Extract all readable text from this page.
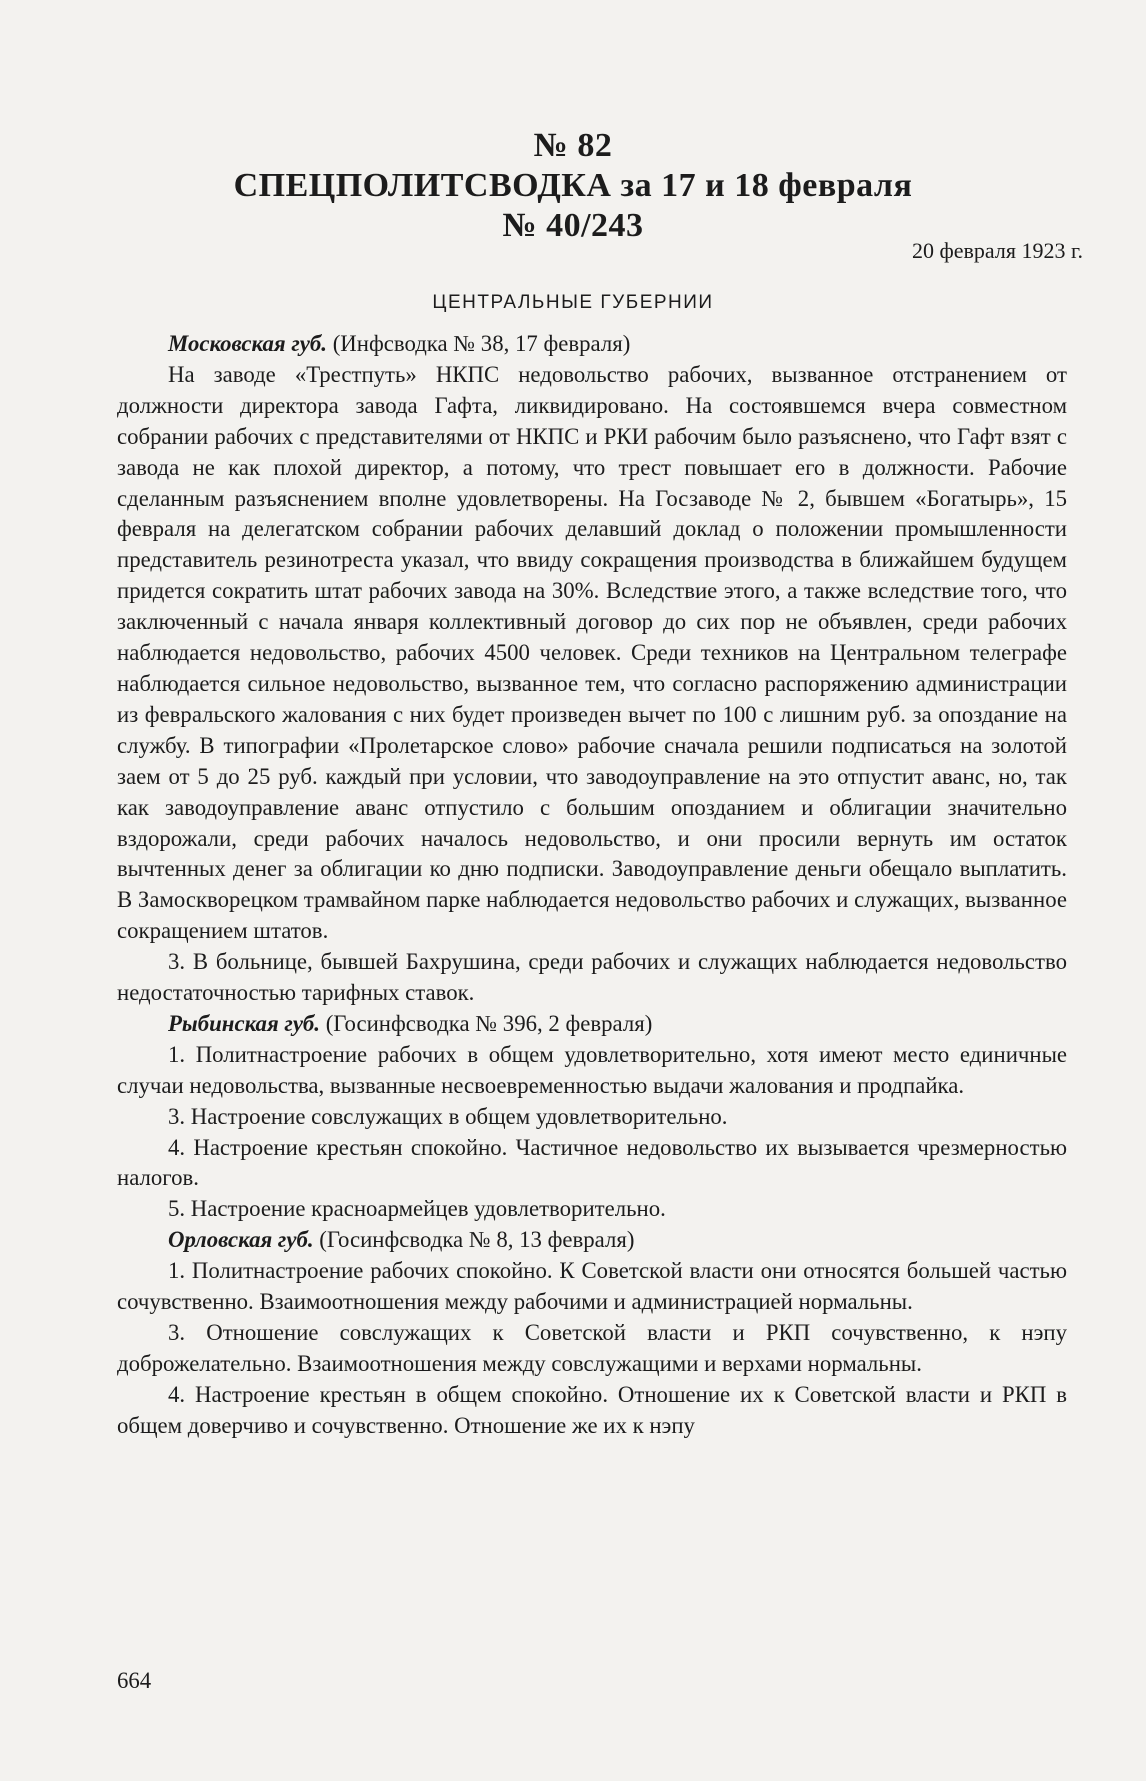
№ 82
СПЕЦПОЛИТСВОДКА за 17 и 18 февраля
№ 40/243
20 февраля 1923 г.
ЦЕНТРАЛЬНЫЕ ГУБЕРНИИ

Московская губ. (Инфсводка № 38, 17 февраля)

На заводе «Трестпуть» НКПС недовольство рабочих, вызванное отстранением от должности директора завода Гафта, ликвидировано. На состоявшемся вчера совместном собрании рабочих с представителями от НКПС и РКИ рабочим было разъяснено, что Гафт взят с завода не как плохой директор, а потому, что трест повышает его в должности. Рабочие сделанным разъяснением вполне удовлетворены. На Госзаводе № 2, бывшем «Богатырь», 15 февраля на делегатском собрании рабочих делавший доклад о положении промышленности представитель резинотреста указал, что ввиду сокращения производства в ближайшем будущем придется сократить штат рабочих завода на 30%. Вследствие этого, а также вследствие того, что заключенный с начала января коллективный договор до сих пор не объявлен, среди рабочих наблюдается недовольство, рабочих 4500 человек. Среди техников на Центральном телеграфе наблюдается сильное недовольство, вызванное тем, что согласно распоряжению администрации из февральского жалования с них будет произведен вычет по 100 с лишним руб. за опоздание на службу. В типографии «Пролетарское слово» рабочие сначала решили подписаться на золотой заем от 5 до 25 руб. каждый при условии, что заводоуправление на это отпустит аванс, но, так как заводоуправление аванс отпустило с большим опозданием и облигации значительно вздорожали, среди рабочих началось недовольство, и они просили вернуть им остаток вычтенных денег за облигации ко дню подписки. Заводоуправление деньги обещало выплатить. В Замоскворецком трамвайном парке наблюдается недовольство рабочих и служащих, вызванное сокращением штатов.

3. В больнице, бывшей Бахрушина, среди рабочих и служащих наблюдается недовольство недостаточностью тарифных ставок.

Рыбинская губ. (Госинфсводка № 396, 2 февраля)

1. Политнастроение рабочих в общем удовлетворительно, хотя имеют место единичные случаи недовольства, вызванные несвоевременностью выдачи жалования и продпайка.

3. Настроение совслужащих в общем удовлетворительно.

4. Настроение крестьян спокойно. Частичное недовольство их вызывается чрезмерностью налогов.

5. Настроение красноармейцев удовлетворительно.

Орловская губ. (Госинфсводка № 8, 13 февраля)

1. Политнастроение рабочих спокойно. К Советской власти они относятся большей частью сочувственно. Взаимоотношения между рабочими и администрацией нормальны.

3. Отношение совслужащих к Советской власти и РКП сочувственно, к нэпу доброжелательно. Взаимоотношения между совслужащими и верхами нормальны.

4. Настроение крестьян в общем спокойно. Отношение их к Советской власти и РКП в общем доверчиво и сочувственно. Отношение же их к нэпу

664
